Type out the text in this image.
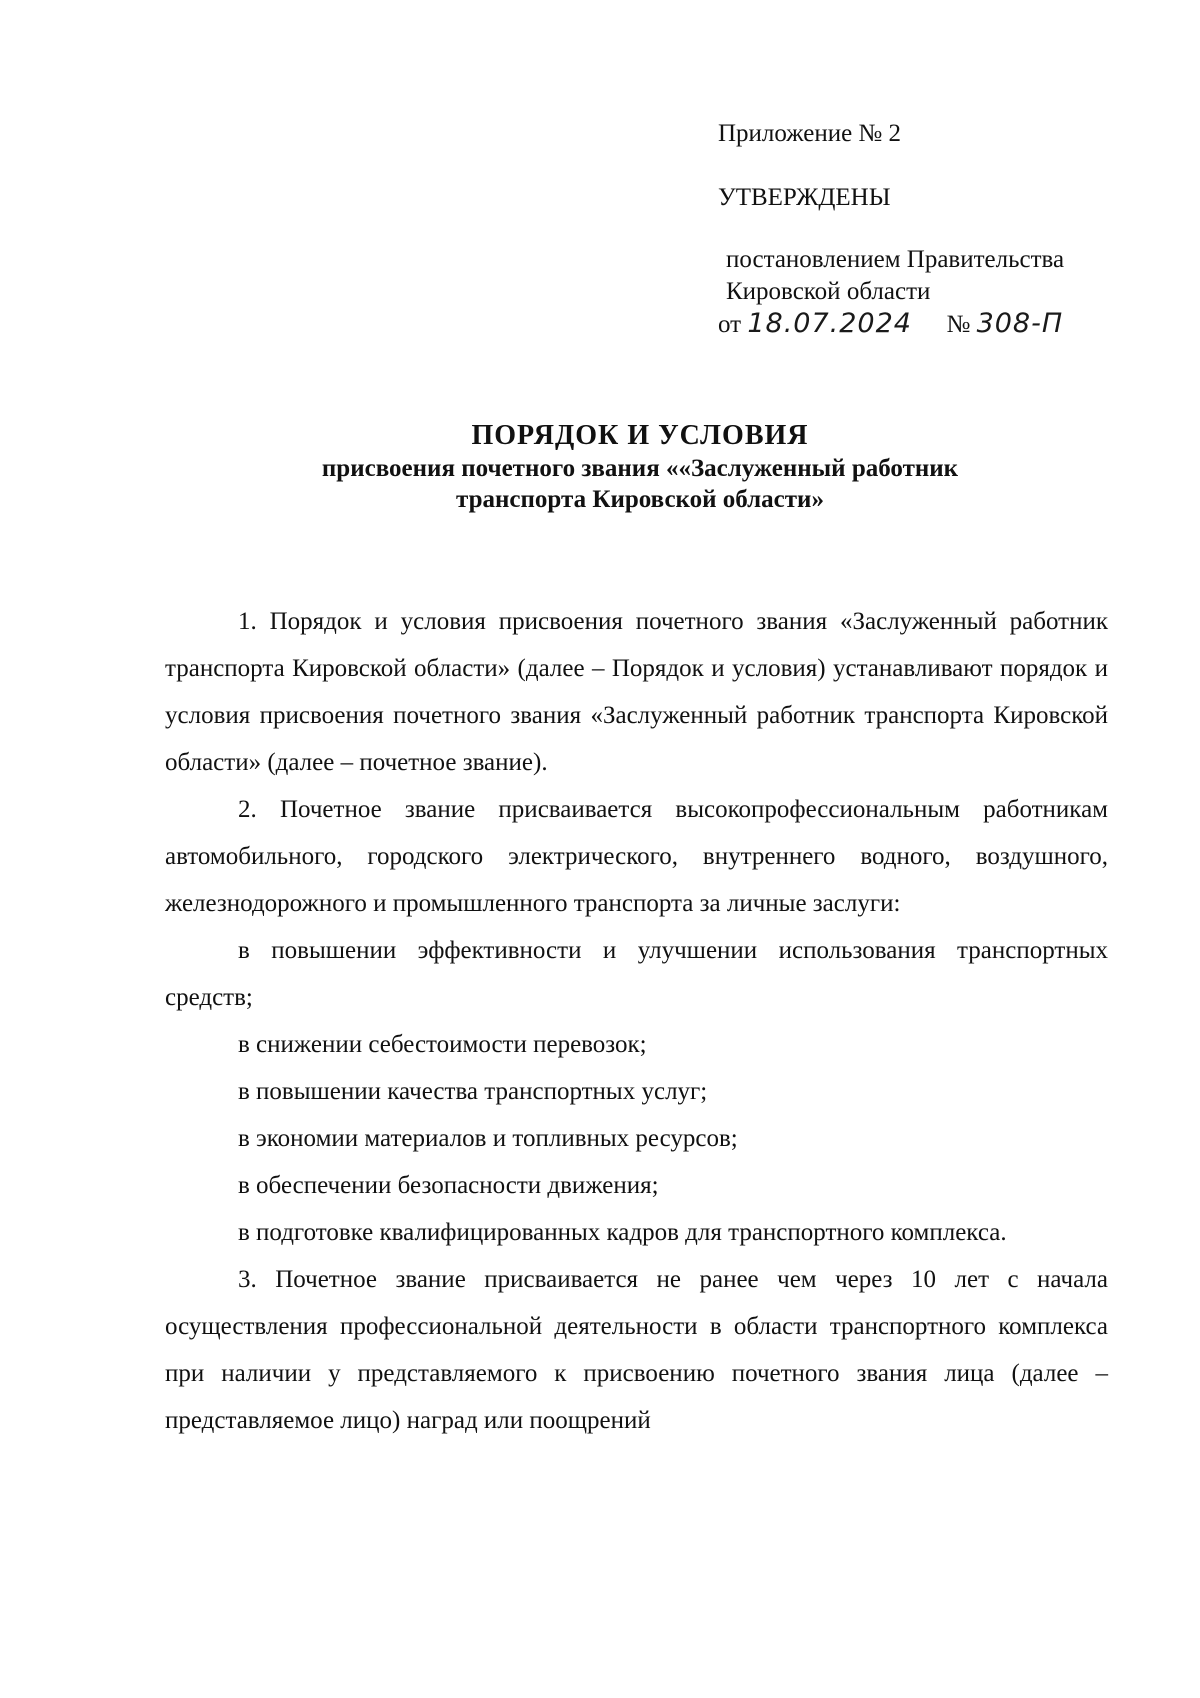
Приложение № 2
УТВЕРЖДЕНЫ
постановлением Правительства
Кировской области
от 18.07.2024 № 308-П
ПОРЯДОК И УСЛОВИЯ
присвоения почетного звания ««Заслуженный работник
транспорта Кировской области»

1. Порядок и условия присвоения почетного звания «Заслуженный работник транспорта Кировской области» (далее – Порядок и условия) устанавливают порядок и условия присвоения почетного звания «Заслуженный работник транспорта Кировской области» (далее – почетное звание).

2. Почетное звание присваивается высокопрофессиональным работникам автомобильного, городского электрического, внутреннего водного, воздушного, железнодорожного и промышленного транспорта за личные заслуги:

в повышении эффективности и улучшении использования транспортных средств;

в снижении себестоимости перевозок;

в повышении качества транспортных услуг;

в экономии материалов и топливных ресурсов;

в обеспечении безопасности движения;

в подготовке квалифицированных кадров для транспортного комплекса.

3. Почетное звание присваивается не ранее чем через 10 лет с начала осуществления профессиональной деятельности в области транспортного комплекса при наличии у представляемого к присвоению почетного звания лица (далее – представляемое лицо) наград или поощрений
